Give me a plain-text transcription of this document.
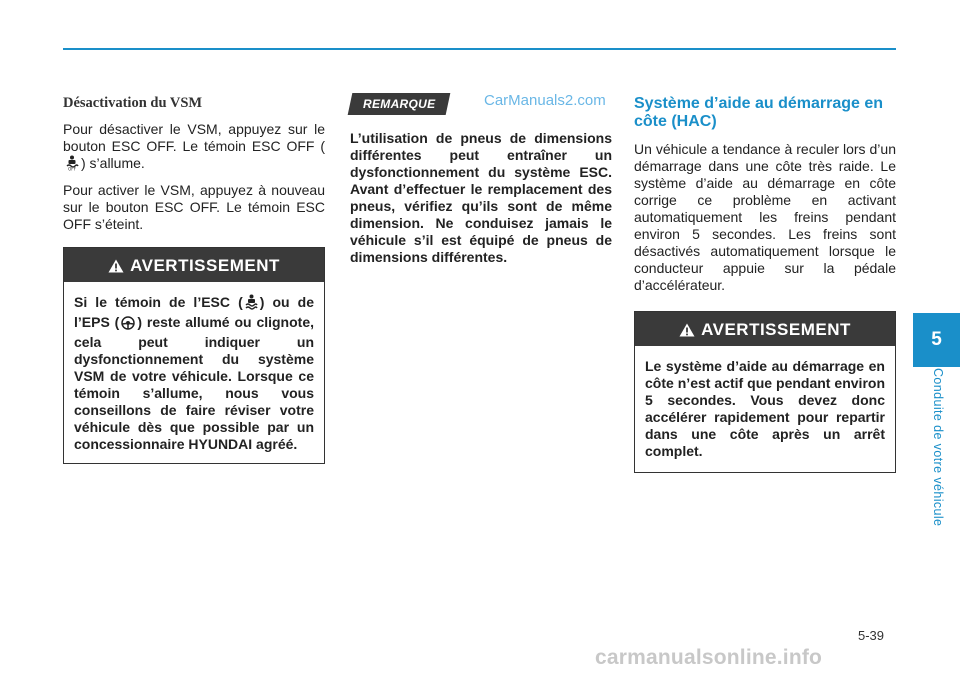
Désactivation du VSM

Pour désactiver le VSM, appuyez sur le bouton ESC OFF. Le témoin ESC OFF (
OFF ) s’allume.

Pour activer le VSM, appuyez à nouveau sur le bouton ESC OFF. Le témoin ESC OFF s’éteint.

AVERTISSEMENT
Si le témoin de l’ESC ( ) ou de l’EPS ( ) reste allumé ou clignote, cela peut indiquer un dysfonctionnement du système VSM de votre véhicule. Lorsque ce témoin s’allume, nous vous conseillons de faire réviser votre véhicule dès que possible par un concessionnaire HYUNDAI agréé.
REMARQUE	CarManuals2.com
L’utilisation de pneus de dimensions différentes peut entraîner un dysfonctionnement du système ESC. Avant d’effectuer le remplacement des pneus, vérifiez qu’ils sont de même dimension. Ne conduisez jamais le véhicule s’il est équipé de pneus de dimensions différentes.
Système d’aide au démarrage en côte (HAC)

Un véhicule a tendance à reculer lors d’un démarrage dans une côte très raide. Le système d’aide au démarrage en côte corrige ce problème en activant automatiquement les freins pendant environ 5 secondes. Les freins sont désactivés automatiquement lorsque le conducteur appuie sur la pédale d’accélérateur.

AVERTISSEMENT
Le système d’aide au démarrage en côte n’est actif que pendant environ 5 secondes. Vous devez donc accélérer rapidement pour repartir dans une côte après un arrêt complet.
5
Conduite de votre véhicule
5-39
carmanualsonline.info
